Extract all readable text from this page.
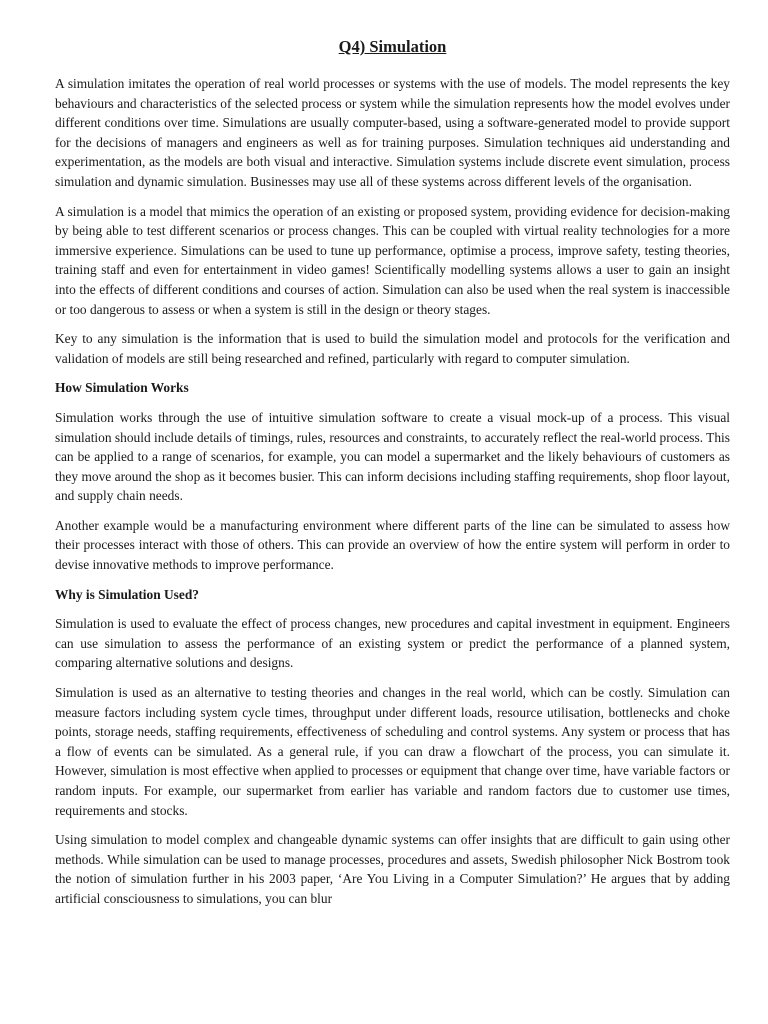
Q4) Simulation

A simulation imitates the operation of real world processes or systems with the use of models. The model represents the key behaviours and characteristics of the selected process or system while the simulation represents how the model evolves under different conditions over time. Simulations are usually computer-based, using a software-generated model to provide support for the decisions of managers and engineers as well as for training purposes. Simulation techniques aid understanding and experimentation, as the models are both visual and interactive. Simulation systems include discrete event simulation, process simulation and dynamic simulation. Businesses may use all of these systems across different levels of the organisation.

A simulation is a model that mimics the operation of an existing or proposed system, providing evidence for decision-making by being able to test different scenarios or process changes. This can be coupled with virtual reality technologies for a more immersive experience. Simulations can be used to tune up performance, optimise a process, improve safety, testing theories, training staff and even for entertainment in video games! Scientifically modelling systems allows a user to gain an insight into the effects of different conditions and courses of action. Simulation can also be used when the real system is inaccessible or too dangerous to assess or when a system is still in the design or theory stages.

Key to any simulation is the information that is used to build the simulation model and protocols for the verification and validation of models are still being researched and refined, particularly with regard to computer simulation.

How Simulation Works

Simulation works through the use of intuitive simulation software to create a visual mock-up of a process. This visual simulation should include details of timings, rules, resources and constraints, to accurately reflect the real-world process. This can be applied to a range of scenarios, for example, you can model a supermarket and the likely behaviours of customers as they move around the shop as it becomes busier. This can inform decisions including staffing requirements, shop floor layout, and supply chain needs.

Another example would be a manufacturing environment where different parts of the line can be simulated to assess how their processes interact with those of others. This can provide an overview of how the entire system will perform in order to devise innovative methods to improve performance.

Why is Simulation Used?

Simulation is used to evaluate the effect of process changes, new procedures and capital investment in equipment. Engineers can use simulation to assess the performance of an existing system or predict the performance of a planned system, comparing alternative solutions and designs.

Simulation is used as an alternative to testing theories and changes in the real world, which can be costly. Simulation can measure factors including system cycle times, throughput under different loads, resource utilisation, bottlenecks and choke points, storage needs, staffing requirements, effectiveness of scheduling and control systems. Any system or process that has a flow of events can be simulated. As a general rule, if you can draw a flowchart of the process, you can simulate it. However, simulation is most effective when applied to processes or equipment that change over time, have variable factors or random inputs. For example, our supermarket from earlier has variable and random factors due to customer use times, requirements and stocks.

Using simulation to model complex and changeable dynamic systems can offer insights that are difficult to gain using other methods. While simulation can be used to manage processes, procedures and assets, Swedish philosopher Nick Bostrom took the notion of simulation further in his 2003 paper, ‘Are You Living in a Computer Simulation?’ He argues that by adding artificial consciousness to simulations, you can blur
